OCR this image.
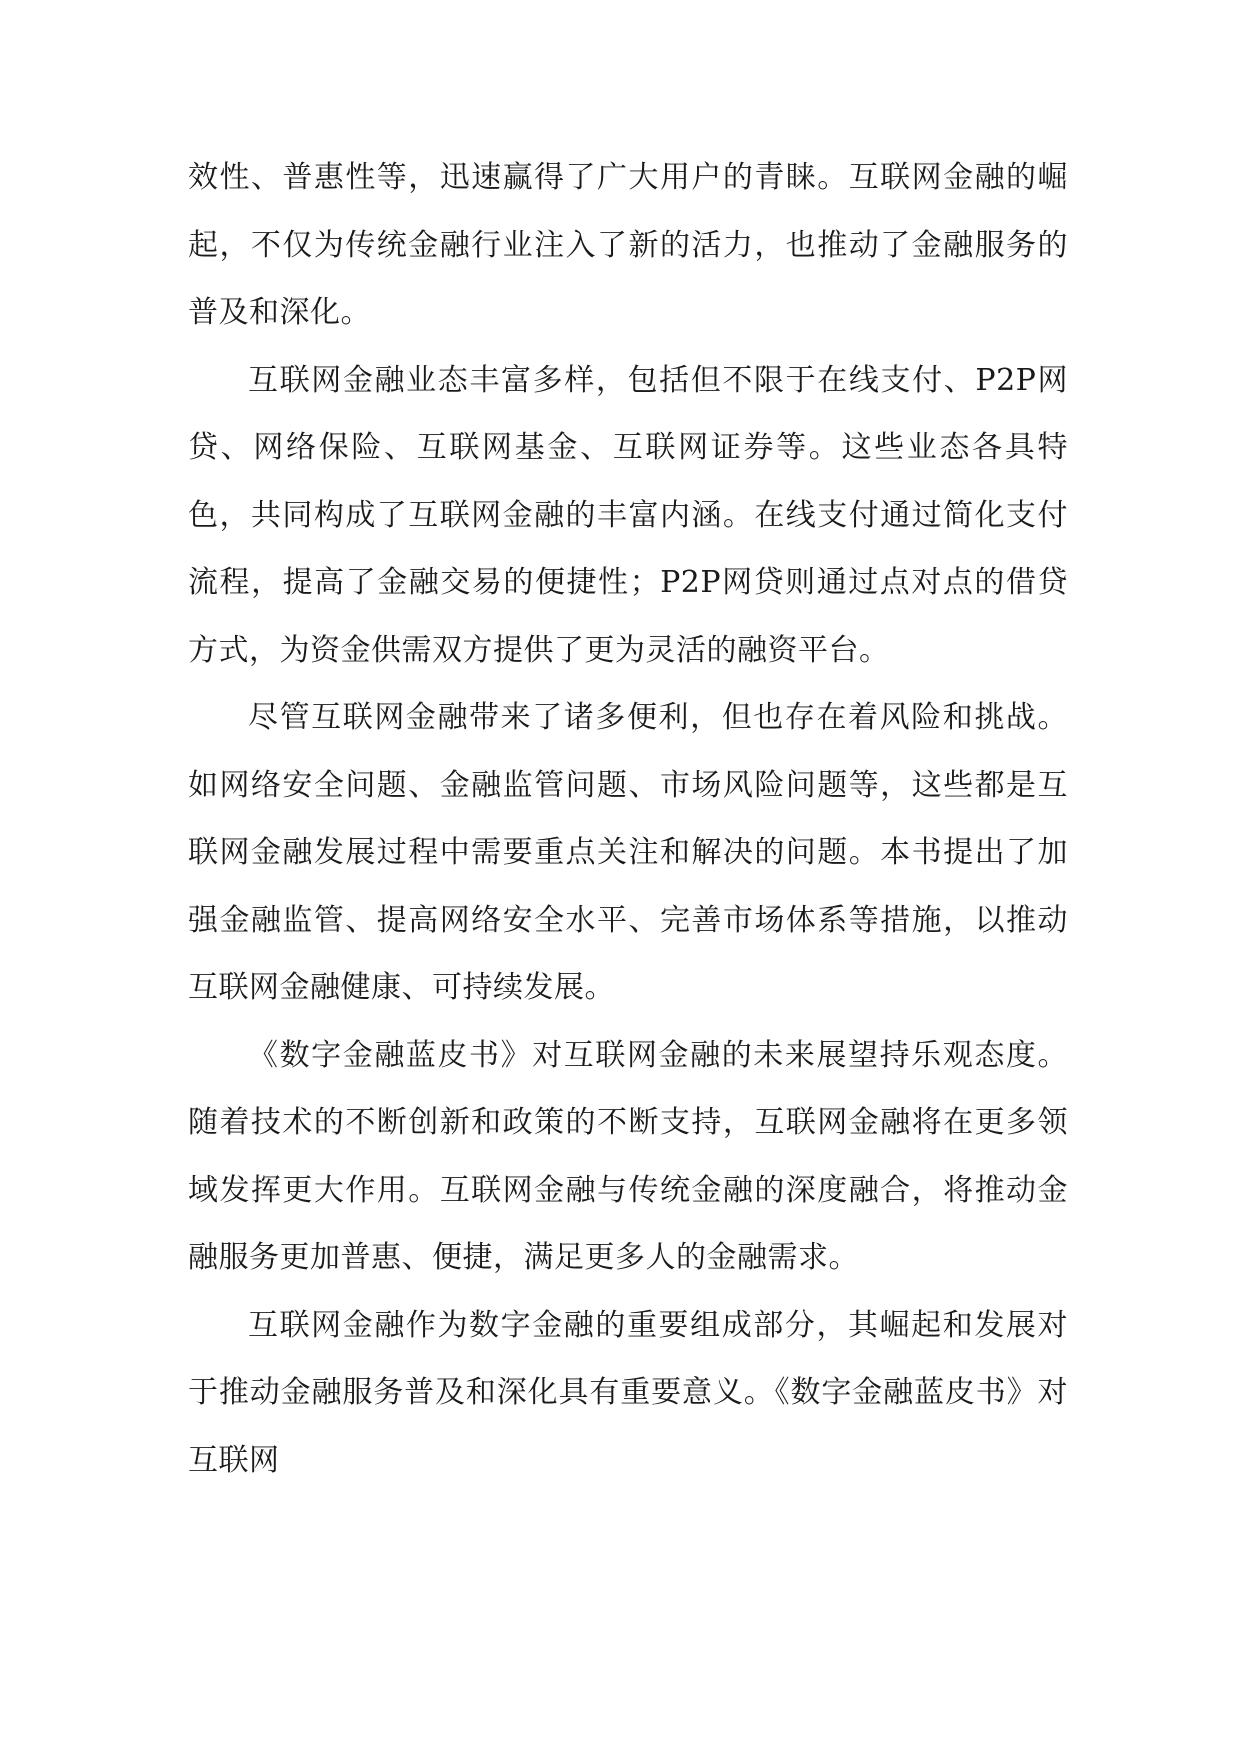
效性、普惠性等，迅速赢得了广大用户的青睐。互联网金融的崛起，不仅为传统金融行业注入了新的活力，也推动了金融服务的普及和深化。

互联网金融业态丰富多样，包括但不限于在线支付、P2P网贷、网络保险、互联网基金、互联网证券等。这些业态各具特色，共同构成了互联网金融的丰富内涵。在线支付通过简化支付流程，提高了金融交易的便捷性；P2P网贷则通过点对点的借贷方式，为资金供需双方提供了更为灵活的融资平台。

尽管互联网金融带来了诸多便利，但也存在着风险和挑战。如网络安全问题、金融监管问题、市场风险问题等，这些都是互联网金融发展过程中需要重点关注和解决的问题。本书提出了加强金融监管、提高网络安全水平、完善市场体系等措施，以推动互联网金融健康、可持续发展。

《数字金融蓝皮书》对互联网金融的未来展望持乐观态度。随着技术的不断创新和政策的不断支持，互联网金融将在更多领域发挥更大作用。互联网金融与传统金融的深度融合，将推动金融服务更加普惠、便捷，满足更多人的金融需求。

互联网金融作为数字金融的重要组成部分，其崛起和发展对于推动金融服务普及和深化具有重要意义。《数字金融蓝皮书》对互联网
